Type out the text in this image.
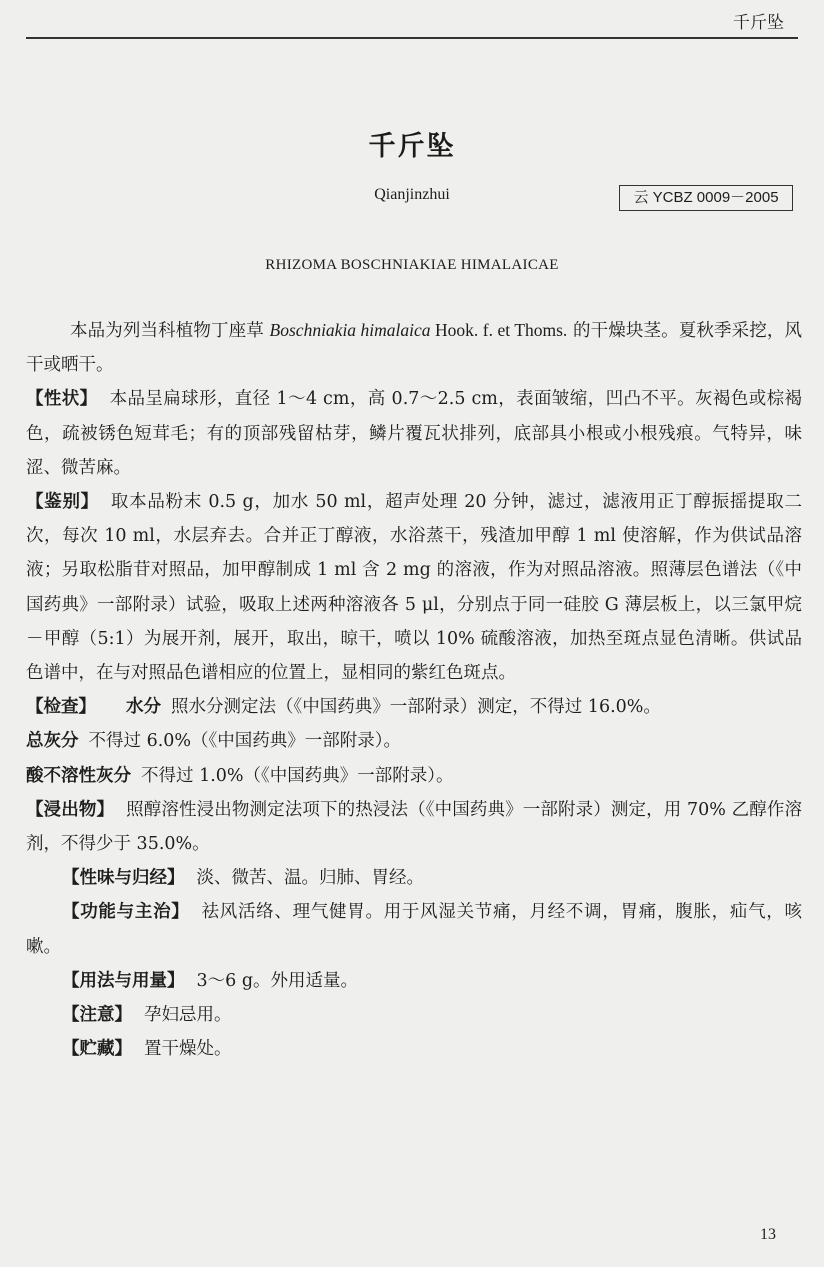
千斤坠
千斤坠
Qianjinzhui	云 YCBZ 0009－2005
RHIZOMA BOSCHNIAKIAE HIMALAICAE

本品为列当科植物丁座草 Boschniakia himalaica Hook. f. et Thoms. 的干燥块茎。夏秋季采挖，风干或晒干。

【性状】 本品呈扁球形，直径 1～4 cm，高 0.7～2.5 cm，表面皱缩，凹凸不平。灰褐色或棕褐色，疏被锈色短茸毛；有的顶部残留枯芽，鳞片覆瓦状排列，底部具小根或小根残痕。气特异，味涩、微苦麻。

【鉴别】 取本品粉末 0.5 g，加水 50 ml，超声处理 20 分钟，滤过，滤液用正丁醇振摇提取二次，每次 10 ml，水层弃去。合并正丁醇液，水浴蒸干，残渣加甲醇 1 ml 使溶解，作为供试品溶液；另取松脂苷对照品，加甲醇制成 1 ml 含 2 mg 的溶液，作为对照品溶液。照薄层色谱法（《中国药典》一部附录）试验，吸取上述两种溶液各 5 μl，分别点于同一硅胶 G 薄层板上，以三氯甲烷－甲醇（5:1）为展开剂，展开，取出，晾干，喷以 10% 硫酸溶液，加热至斑点显色清晰。供试品色谱中，在与对照品色谱相应的位置上，显相同的紫红色斑点。

【检查】 水分 照水分测定法（《中国药典》一部附录）测定，不得过 16.0%。

总灰分 不得过 6.0%（《中国药典》一部附录）。

酸不溶性灰分 不得过 1.0%（《中国药典》一部附录）。

【浸出物】 照醇溶性浸出物测定法项下的热浸法（《中国药典》一部附录）测定，用 70% 乙醇作溶剂，不得少于 35.0%。

【性味与归经】 淡、微苦、温。归肺、胃经。

【功能与主治】 祛风活络、理气健胃。用于风湿关节痛，月经不调，胃痛，腹胀，疝气，咳嗽。

【用法与用量】 3～6 g。外用适量。

【注意】 孕妇忌用。

【贮藏】 置干燥处。

13
